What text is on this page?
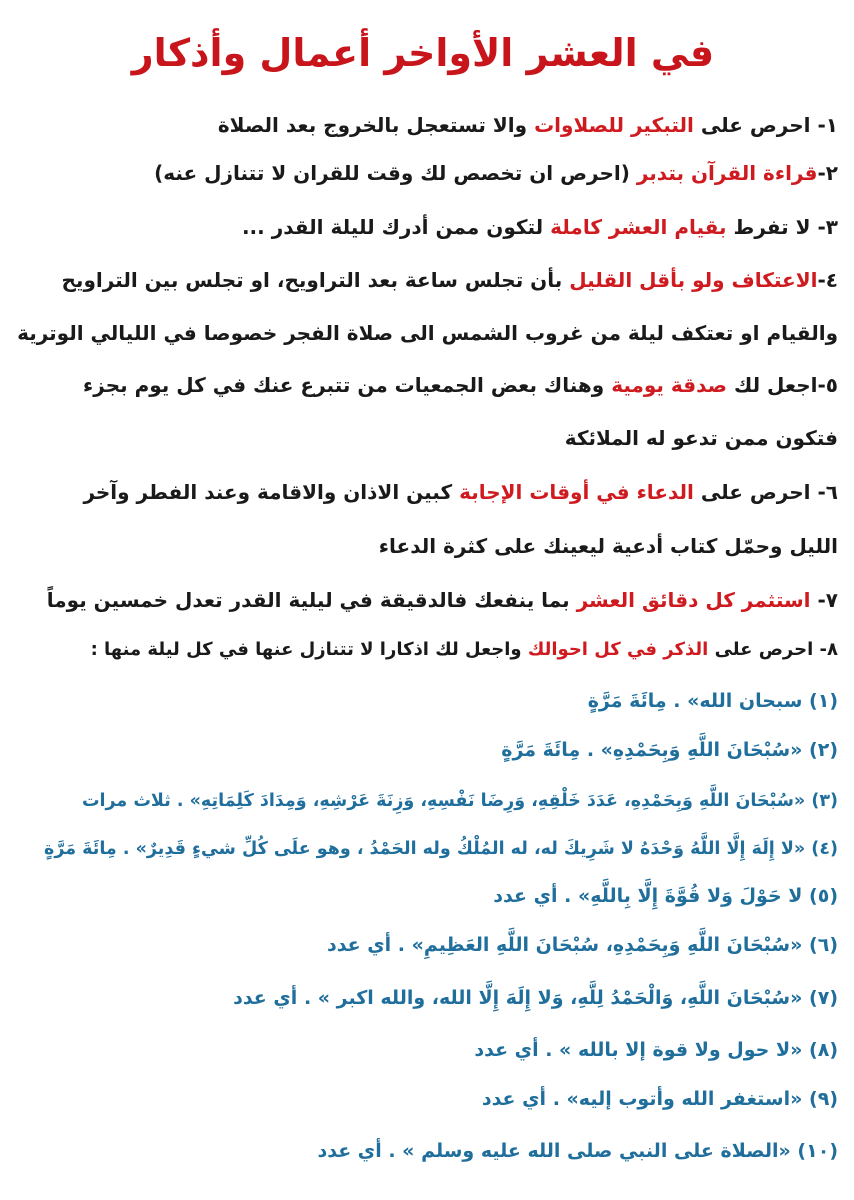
في العشر الأواخر أعمال وأذكار
١- احرص على التبكير للصلاوات والا تستعجل بالخروج بعد الصلاة
٢-قراءة القرآن بتدبر (احرص ان تخصص لك وقت للقران لا تتنازل عنه)
٣- لا تفرط بقيام العشر كاملة لتكون ممن أدرك لليلة القدر ...
٤-الاعتكاف ولو بأقل القليل بأن تجلس ساعة بعد التراويح، او تجلس بين التراويح
والقيام او تعتكف ليلة من غروب الشمس الى صلاة الفجر خصوصا في الليالي الوترية
٥-اجعل لك صدقة يومية وهناك بعض الجمعيات من تتبرع عنك في كل يوم بجزء
فتكون ممن تدعو له الملائكة
٦- احرص على الدعاء في أوقات الإجابة كبين الاذان والاقامة وعند الفطر وآخر
الليل وحمّل كتاب أدعية ليعينك على كثرة الدعاء
٧- استثمر كل دقائق العشر بما ينفعك فالدقيقة في ليلية القدر تعدل خمسين يوماً
٨- احرص على الذكر في كل احوالك واجعل لك اذكارا لا تتنازل عنها في كل ليلة منها :
(١) سبحان الله» . مِائَةَ مَرَّةٍ
(٢) «سُبْحَانَ اللَّهِ وَبِحَمْدِهِ» . مِائَةَ مَرَّةٍ
(٣) «سُبْحَانَ اللَّهِ وَبِحَمْدِهِ، عَدَدَ خَلْقِهِ، وَرِضَا نَفْسِهِ، وَزِنَةَ عَرْشِهِ، وَمِدَادَ كَلِمَاتِهِ» . ثلاث مرات
(٤) «لا إِلَهَ إِلَّا اللَّهُ وَحْدَهُ لا شَرِيكَ له، له المُلْكُ وله الحَمْدُ ، وهو علَى كُلِّ شيءٍ قَدِيرٌ» . مِائَةَ مَرَّةٍ
(٥) لا حَوْلَ وَلا قُوَّةَ إِلَّا بِاللَّهِ» . أي عدد
(٦) «سُبْحَانَ اللَّهِ وَبِحَمْدِهِ، سُبْحَانَ اللَّهِ العَظِيمِ» . أي عدد
(٧) «سُبْحَانَ اللَّهِ، وَالْحَمْدُ لِلَّهِ، وَلا إِلَهَ إِلَّا الله، والله اكبر » . أي عدد
(٨) «لا حول ولا قوة إلا بالله » . أي عدد
(٩) «استغفر الله وأتوب إليه» . أي عدد
(١٠) «الصلاة على النبي صلى الله عليه وسلم » . أي عدد
